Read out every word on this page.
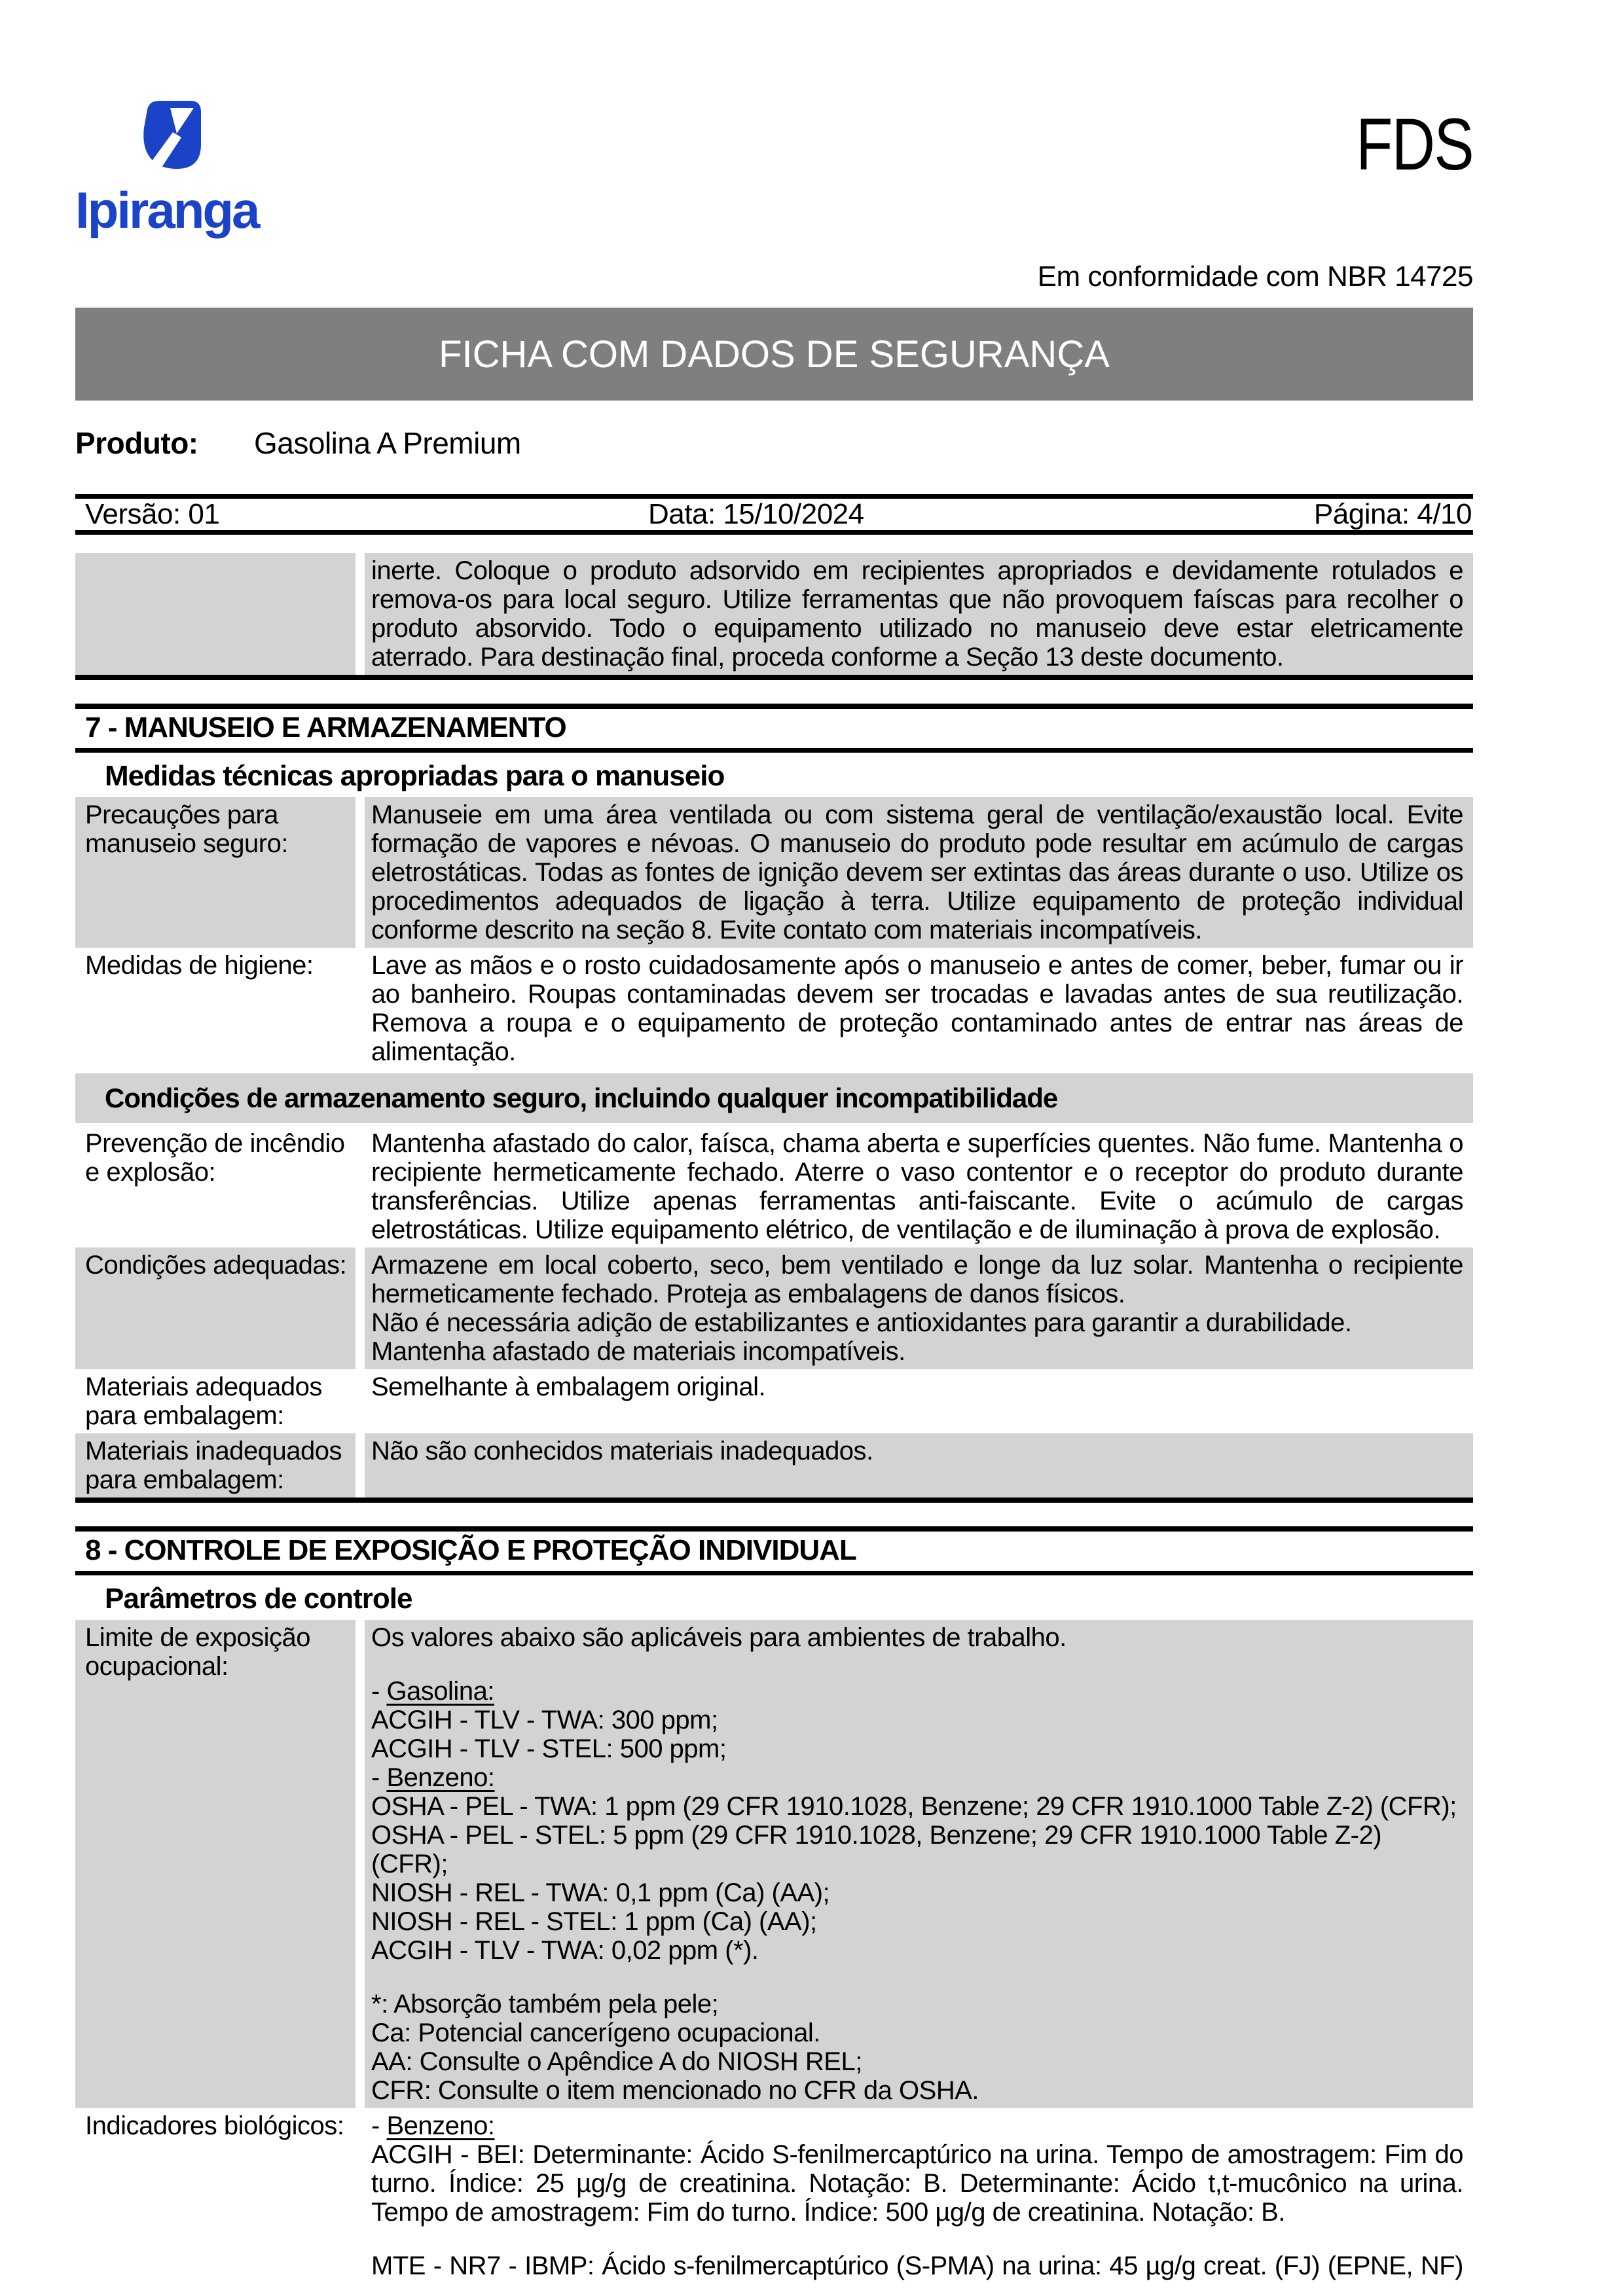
Ipiranga
FDS
Em conformidade com NBR 14725
FICHA COM DADOS DE SEGURANÇA
Produto: Gasolina A Premium
Versão: 01	Data: 15/10/2024	Página: 4/10
inerte. Coloque o produto adsorvido em recipientes apropriados e devidamente rotulados e remova-os para local seguro. Utilize ferramentas que não provoquem faíscas para recolher o produto absorvido. Todo o equipamento utilizado no manuseio deve estar eletricamente aterrado. Para destinação final, proceda conforme a Seção 13 deste documento.
7 - MANUSEIO E ARMAZENAMENTO
Medidas técnicas apropriadas para o manuseio
Precauções para manuseio seguro:
Manuseie em uma área ventilada ou com sistema geral de ventilação/exaustão local. Evite formação de vapores e névoas. O manuseio do produto pode resultar em acúmulo de cargas eletrostáticas. Todas as fontes de ignição devem ser extintas das áreas durante o uso. Utilize os procedimentos adequados de ligação à terra. Utilize equipamento de proteção individual conforme descrito na seção 8. Evite contato com materiais incompatíveis.
Medidas de higiene:	Lave as mãos e o rosto cuidadosamente após o manuseio e antes de comer, beber, fumar ou ir ao banheiro. Roupas contaminadas devem ser trocadas e lavadas antes de sua reutilização. Remova a roupa e o equipamento de proteção contaminado antes de entrar nas áreas de alimentação.
Condições de armazenamento seguro, incluindo qualquer incompatibilidade
Prevenção de incêndio e explosão:
Mantenha afastado do calor, faísca, chama aberta e superfícies quentes. Não fume. Mantenha o recipiente hermeticamente fechado. Aterre o vaso contentor e o receptor do produto durante transferências. Utilize apenas ferramentas anti-faiscante. Evite o acúmulo de cargas eletrostáticas. Utilize equipamento elétrico, de ventilação e de iluminação à prova de explosão.
Condições adequadas: Armazene em local coberto, seco, bem ventilado e longe da luz solar. Mantenha o recipiente hermeticamente fechado. Proteja as embalagens de danos físicos.
Não é necessária adição de estabilizantes e antioxidantes para garantir a durabilidade.
Mantenha afastado de materiais incompatíveis.
Materiais adequados para embalagem:
Semelhante à embalagem original.
Materiais inadequados para embalagem:
Não são conhecidos materiais inadequados.
8 - CONTROLE DE EXPOSIÇÃO E PROTEÇÃO INDIVIDUAL
Parâmetros de controle
Limite de exposição ocupacional:
Os valores abaixo são aplicáveis para ambientes de trabalho.
- Gasolina:
ACGIH - TLV - TWA: 300 ppm;
ACGIH - TLV - STEL: 500 ppm;
- Benzeno:
OSHA - PEL - TWA: 1 ppm (29 CFR 1910.1028, Benzene; 29 CFR 1910.1000 Table Z-2) (CFR);
OSHA - PEL - STEL: 5 ppm (29 CFR 1910.1028, Benzene; 29 CFR 1910.1000 Table Z-2) (CFR);
NIOSH - REL - TWA: 0,1 ppm (Ca) (AA);
NIOSH - REL - STEL: 1 ppm (Ca) (AA);
ACGIH - TLV - TWA: 0,02 ppm (*).
*: Absorção também pela pele;
Ca: Potencial cancerígeno ocupacional.
AA: Consulte o Apêndice A do NIOSH REL;
CFR: Consulte o item mencionado no CFR da OSHA.
Indicadores biológicos:	- Benzeno:
ACGIH - BEI: Determinante: Ácido S-fenilmercaptúrico na urina. Tempo de amostragem: Fim do turno. Índice: 25 µg/g de creatinina. Notação: B. Determinante: Ácido t,t-mucônico na urina. Tempo de amostragem: Fim do turno. Índice: 500 µg/g de creatinina. Notação: B.
MTE - NR7 - IBMP: Ácido s-fenilmercaptúrico (S-PMA) na urina: 45 µg/g creat. (FJ) (EPNE, NF)
